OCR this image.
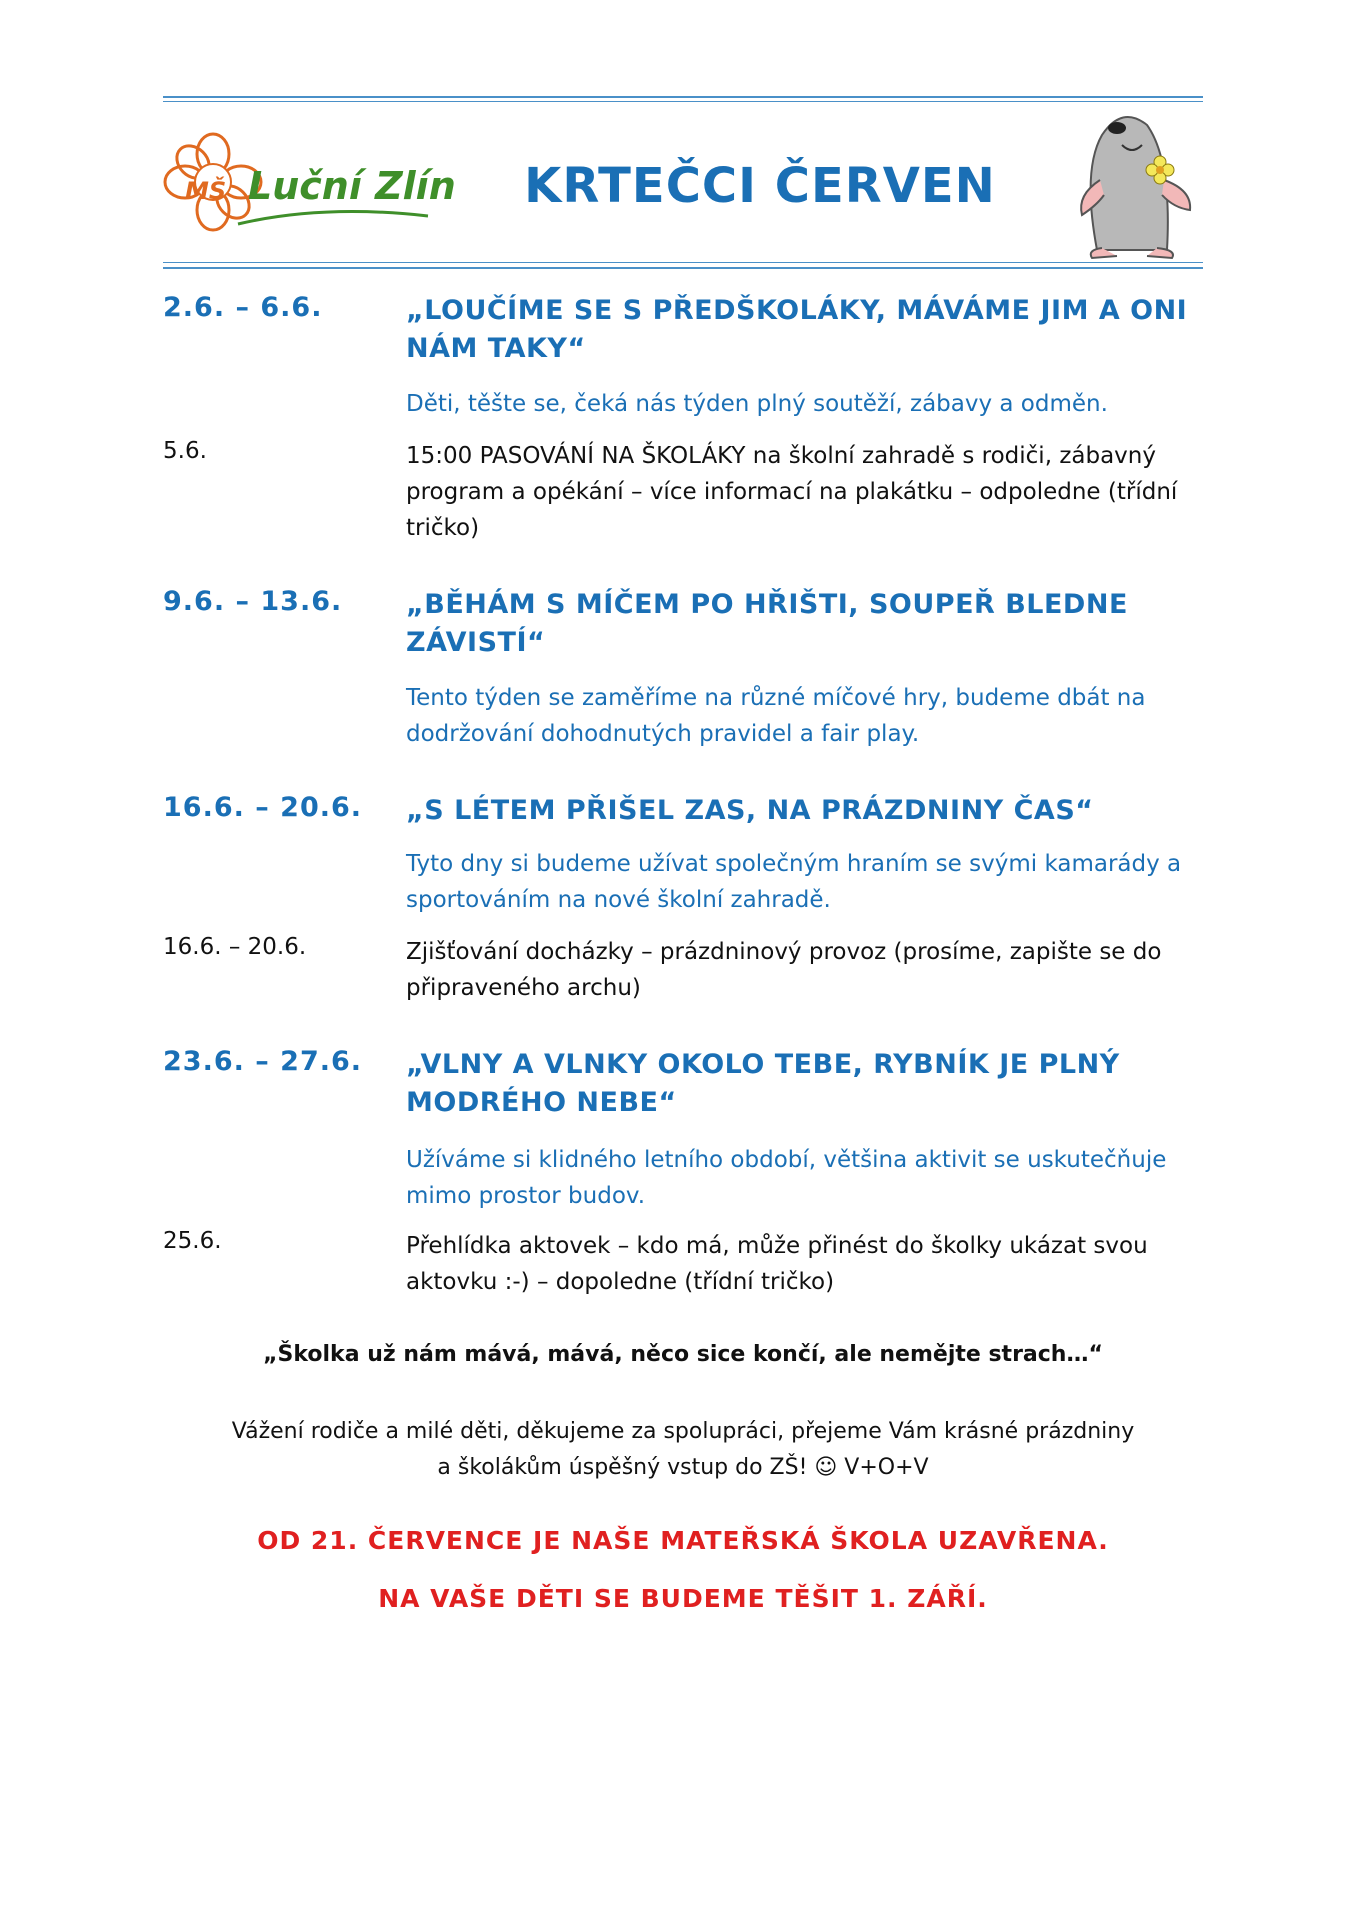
MŠ Luční Zlín	KRTEČCI ČERVEN
2.6. – 6.6.	„LOUČÍME SE S PŘEDŠKOLÁKY, MÁVÁME JIM A ONI NÁM TAKY“
Děti, těšte se, čeká nás týden plný soutěží, zábavy a odměn.
5.6.	15:00 PASOVÁNÍ NA ŠKOLÁKY na školní zahradě s rodiči, zábavný program a opékání – více informací na plakátku – odpoledne (třídní tričko)
9.6. – 13.6.	„BĚHÁM S MÍČEM PO HŘIŠTI, SOUPEŘ BLEDNE ZÁVISTÍ“
Tento týden se zaměříme na různé míčové hry, budeme dbát na dodržování dohodnutých pravidel a fair play.
16.6. – 20.6.	„S LÉTEM PŘIŠEL ZAS, NA PRÁZDNINY ČAS“
Tyto dny si budeme užívat společným hraním se svými kamarády a sportováním na nové školní zahradě.
16.6. – 20.6.	Zjišťování docházky – prázdninový provoz (prosíme, zapište se do připraveného archu)
23.6. – 27.6.	„VLNY A VLNKY OKOLO TEBE, RYBNÍK JE PLNÝ MODRÉHO NEBE“
Užíváme si klidného letního období, většina aktivit se uskutečňuje mimo prostor budov.
25.6.	Přehlídka aktovek – kdo má, může přinést do školky ukázat svou aktovku :-) – dopoledne (třídní tričko)
„Školka už nám mává, mává, něco sice končí, ale nemějte strach…“
Vážení rodiče a milé děti, děkujeme za spolupráci, přejeme Vám krásné prázdniny
a školákům úspěšný vstup do ZŠ! ☺ V+O+V
OD 21. ČERVENCE JE NAŠE MATEŘSKÁ ŠKOLA UZAVŘENA.
NA VAŠE DĚTI SE BUDEME TĚŠIT 1. ZÁŘÍ.
